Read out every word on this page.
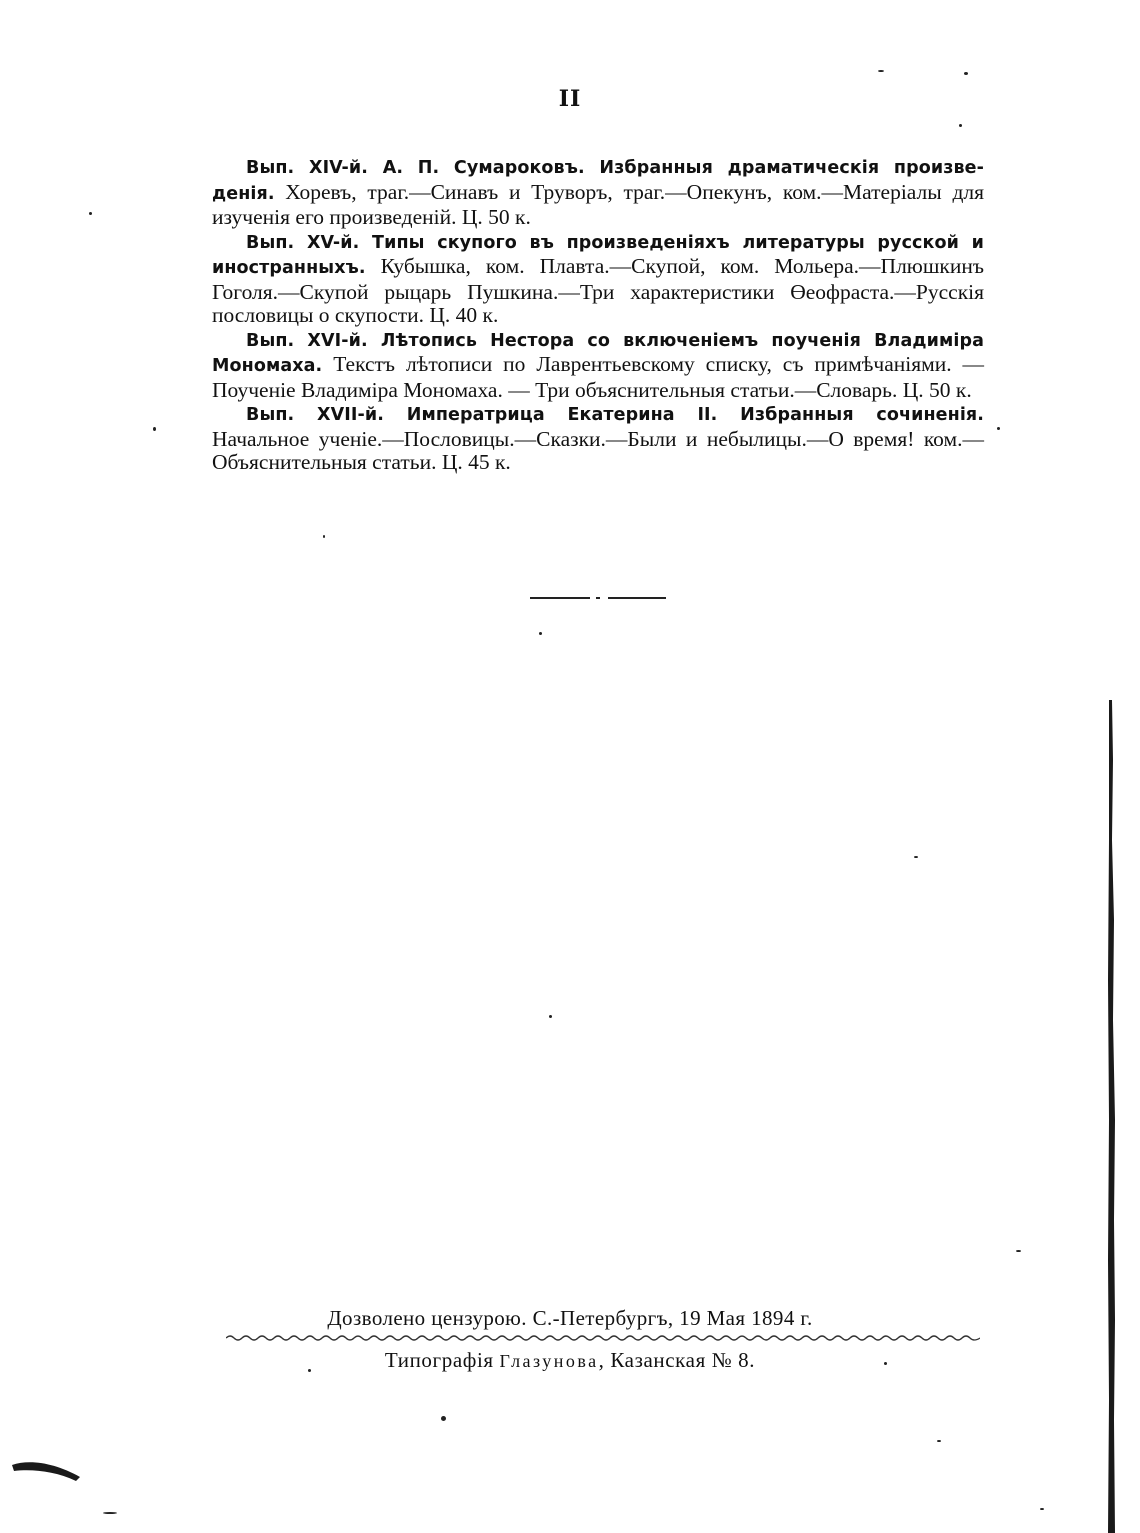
II

Вып. XIV-й. А. П. Сумароковъ. Избранныя драматическія произве-денія. Хоревъ, траг.—Синавъ и Труворъ, траг.—Опекунъ, ком.—Матеріалы для изученія его произведеній. Ц. 50 к.

Вып. XV-й. Типы скупого въ произведеніяхъ литературы русской и иностранныхъ. Кубышка, ком. Плавта.—Скупой, ком. Мольера.—Плюшкинъ Гоголя.—Скупой рыцарь Пушкина.—Три характеристики Өеофраста.—Русскія пословицы о скупости. Ц. 40 к.

Вып. XVI-й. Лѣтопись Нестора со включеніемъ поученія Владиміра Мономаха. Текстъ лѣтописи по Лаврентьевскому списку, съ примѣчаніями. — Поученіе Владиміра Мономаха. — Три объяснительныя статьи.—Словарь. Ц. 50 к.

Вып. XVII-й. Императрица Екатерина II. Избранныя сочиненія. Начальное ученіе.—Пословицы.—Сказки.—Были и небылицы.—О время! ком.—Объяснительныя статьи. Ц. 45 к.

Дозволено цензурою. С.-Петербургъ, 19 Мая 1894 г.
Типографія Глазунова, Казанская № 8.
